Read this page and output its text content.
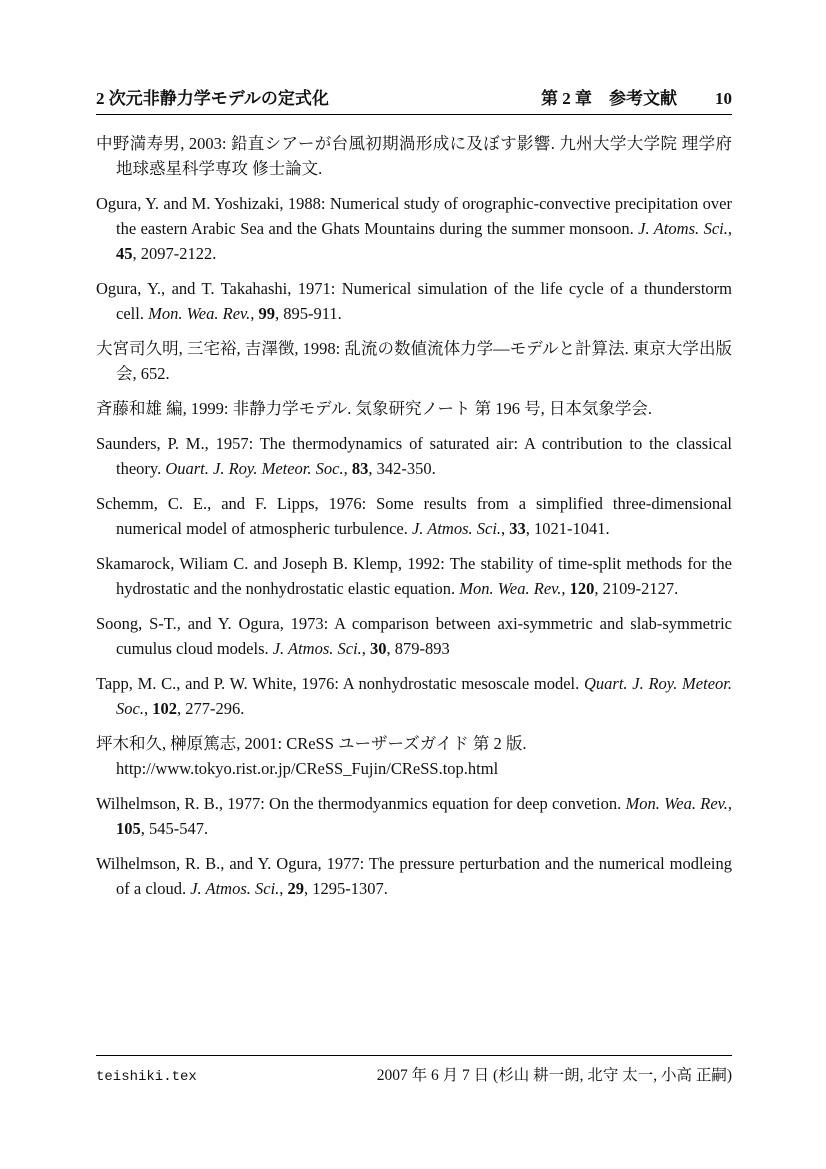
2 次元非静力学モデルの定式化	第 2 章　参考文献 10

中野満寿男, 2003: 鉛直シアーが台風初期渦形成に及ぼす影響. 九州大学大学院 理学府 地球惑星科学専攻 修士論文.

Ogura, Y. and M. Yoshizaki, 1988: Numerical study of orographic-convective precipitation over the eastern Arabic Sea and the Ghats Mountains during the summer monsoon. J. Atoms. Sci., 45, 2097-2122.

Ogura, Y., and T. Takahashi, 1971: Numerical simulation of the life cycle of a thunderstorm cell. Mon. Wea. Rev., 99, 895-911.

大宮司久明, 三宅裕, 吉澤徴, 1998: 乱流の数値流体力学—モデルと計算法. 東京大学出版会, 652.

斉藤和雄 編, 1999: 非静力学モデル. 気象研究ノート 第 196 号, 日本気象学会.

Saunders, P. M., 1957: The thermodynamics of saturated air: A contribution to the classical theory. Ouart. J. Roy. Meteor. Soc., 83, 342-350.

Schemm, C. E., and F. Lipps, 1976: Some results from a simplified three-dimensional numerical model of atmospheric turbulence. J. Atmos. Sci., 33, 1021-1041.

Skamarock, Wiliam C. and Joseph B. Klemp, 1992: The stability of time-split methods for the hydrostatic and the nonhydrostatic elastic equation. Mon. Wea. Rev., 120, 2109-2127.

Soong, S-T., and Y. Ogura, 1973: A comparison between axi-symmetric and slab-symmetric cumulus cloud models. J. Atmos. Sci., 30, 879-893

Tapp, M. C., and P. W. White, 1976: A nonhydrostatic mesoscale model. Quart. J. Roy. Meteor. Soc., 102, 277-296.

坪木和久, 榊原篤志, 2001: CReSS ユーザーズガイド 第 2 版.
http://www.tokyo.rist.or.jp/CReSS_Fujin/CReSS.top.html

Wilhelmson, R. B., 1977: On the thermodyanmics equation for deep convetion. Mon. Wea. Rev., 105, 545-547.

Wilhelmson, R. B., and Y. Ogura, 1977: The pressure perturbation and the numerical modleing of a cloud. J. Atmos. Sci., 29, 1295-1307.

teishiki.tex	2007 年 6 月 7 日 (杉山 耕一朗, 北守 太一, 小高 正嗣)
